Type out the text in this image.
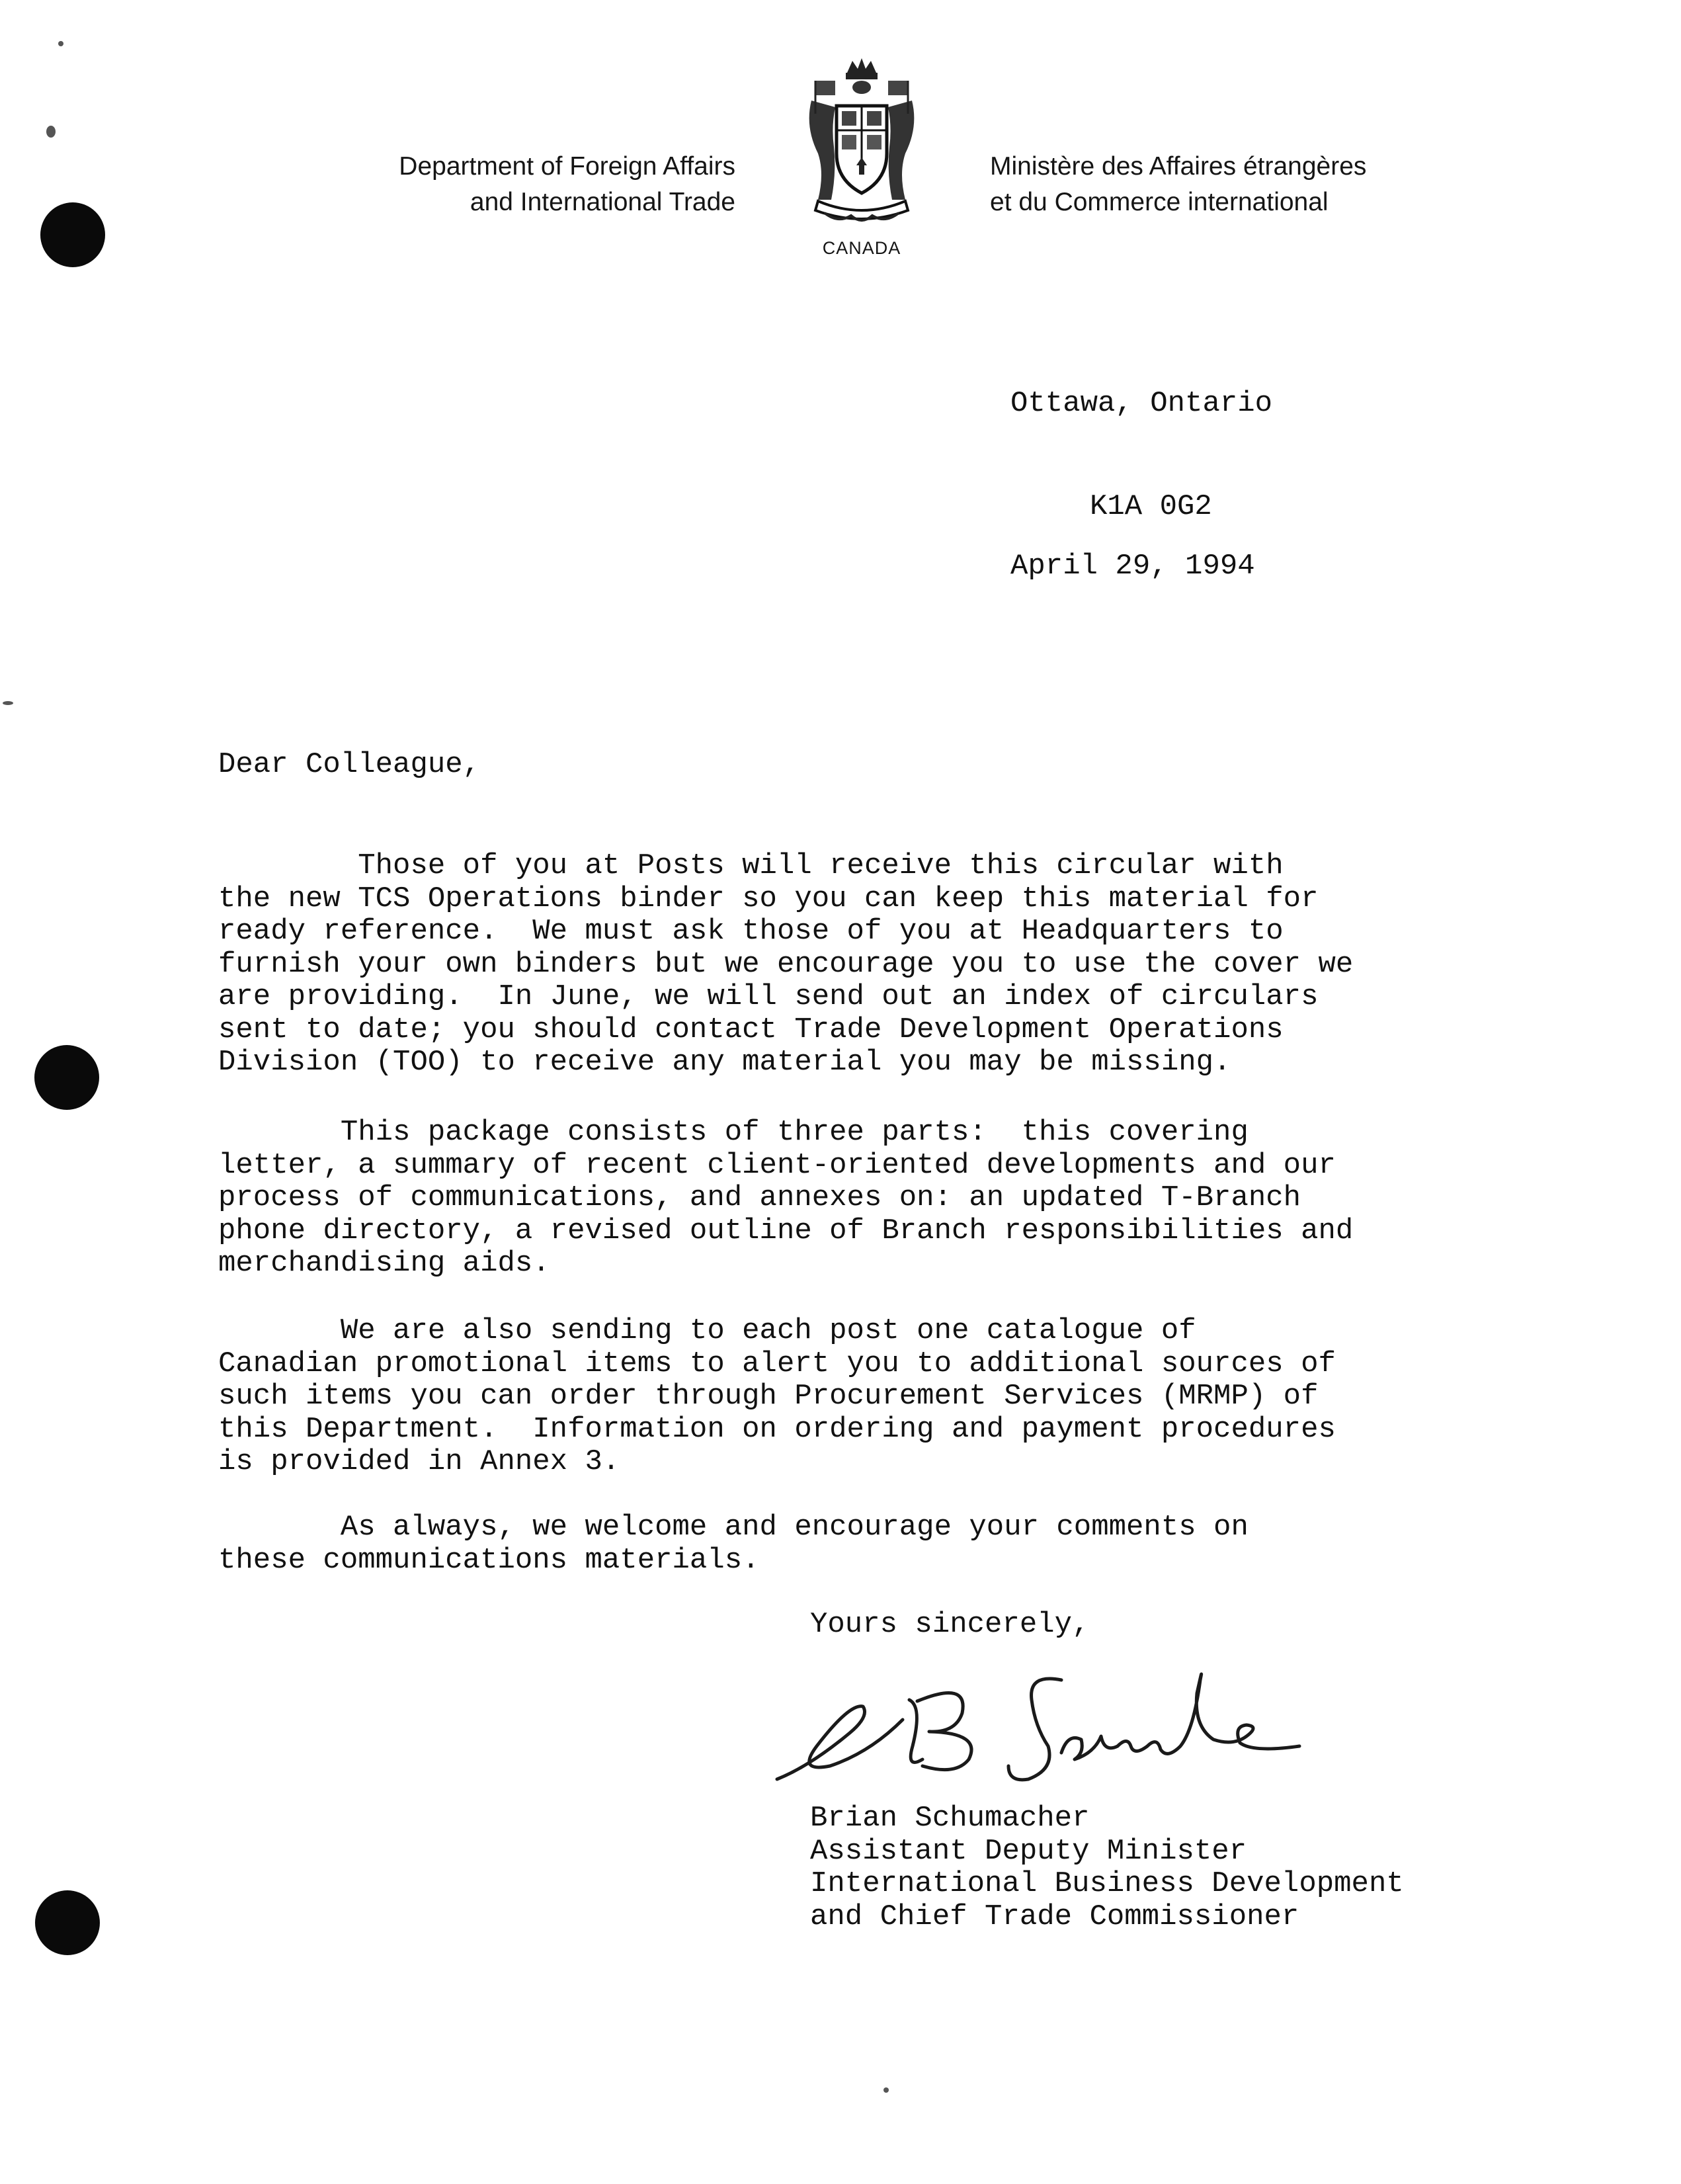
Department of Foreign Affairs
and International Trade
CANADA
Ministère des Affaires étrangères
et du Commerce international

Ottawa, Ontario

K1A 0G2

April 29, 1994
Dear Colleague,
Those of you at Posts will receive this circular with
the new TCS Operations binder so you can keep this material for
ready reference.  We must ask those of you at Headquarters to
furnish your own binders but we encourage you to use the cover we
are providing.  In June, we will send out an index of circulars
sent to date; you should contact Trade Development Operations
Division (TOO) to receive any material you may be missing.
This package consists of three parts:  this covering
letter, a summary of recent client-oriented developments and our
process of communications, and annexes on: an updated T-Branch
phone directory, a revised outline of Branch responsibilities and
merchandising aids.
We are also sending to each post one catalogue of
Canadian promotional items to alert you to additional sources of
such items you can order through Procurement Services (MRMP) of
this Department.  Information on ordering and payment procedures
is provided in Annex 3.
As always, we welcome and encourage your comments on
these communications materials.
Yours sincerely,
Brian Schumacher
Assistant Deputy Minister
International Business Development
and Chief Trade Commissioner
